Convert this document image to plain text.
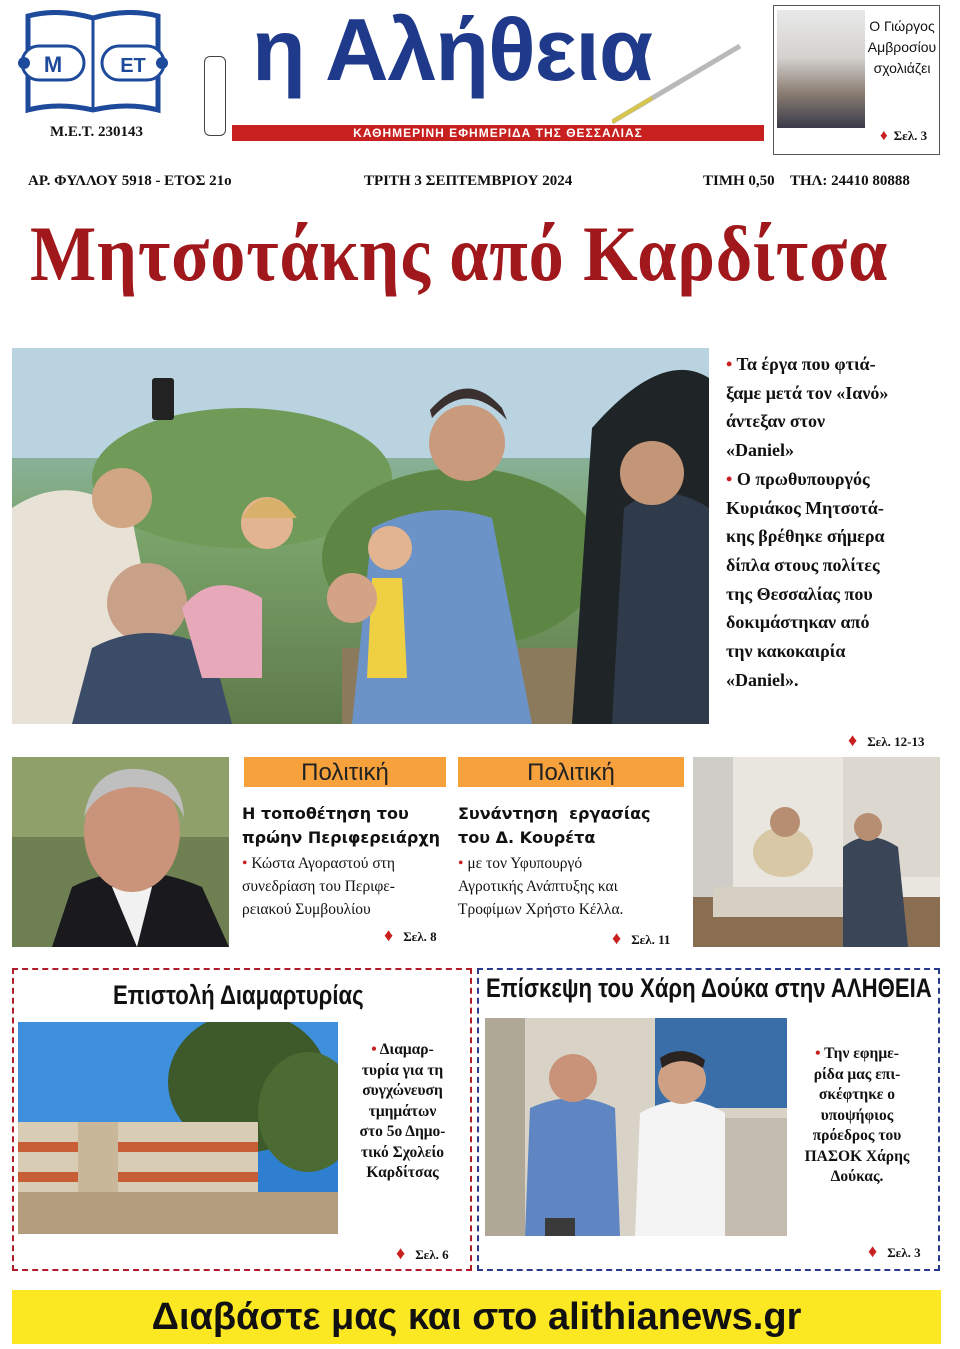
M	ET
Μ.Ε.Τ. 230143
η Αλήθεια
ΚΑΘΗΜΕΡΙΝΗ ΕΦΗΜΕΡΙΔΑ ΤΗΣ ΘΕΣΣΑΛΙΑΣ
Ο Γιώργος
Αμβροσίου
σχολιάζει
♦ Σελ. 3
ΑΡ. ΦΥΛΛΟΥ 5918 - ΕΤΟΣ 21ο	ΤΡΙΤΗ 3 ΣΕΠΤΕΜΒΡΙΟΥ 2024	ΤΙΜΗ 0,50 ΤΗΛ: 24410 80888
Μητσοτάκης από Καρδίτσα
• Τα έργα που φτιά-
ξαμε μετά τον «Ιανό»
άντεξαν στον
«Daniel»
• Ο πρωθυπουργός
Κυριάκος Μητσοτά-
κης βρέθηκε σήμερα
δίπλα στους πολίτες
της Θεσσαλίας που
δοκιμάστηκαν από
την κακοκαιρία
«Daniel».
♦ Σελ. 12-13
Πολιτική
Η τοποθέτηση του
πρώην Περιφερειάρχη
• Κώστα Αγοραστού στη
συνεδρίαση του Περιφε-
ρειακού Συμβουλίου
♦ Σελ. 8
Πολιτική
Συνάντηση  εργασίας
του Δ. Κουρέτα
• με τον Υφυπουργό
Αγροτικής Ανάπτυξης και
Τροφίμων Χρήστο Κέλλα.
♦ Σελ. 11
Επιστολή Διαμαρτυρίας
• Διαμαρ-
τυρία για τη
συγχώνευση
τμημάτων
στο 5ο Δημο-
τικό Σχολείο
Καρδίτσας
♦ Σελ. 6
Επίσκεψη του Χάρη Δούκα στην ΑΛΗΘΕΙΑ
• Την εφημε-
ρίδα μας επι-
σκέφτηκε ο
υποψήφιος
πρόεδρος του
ΠΑΣΟΚ Χάρης
Δούκας.
♦ Σελ. 3
Διαβάστε μας και στο alithianews.gr
